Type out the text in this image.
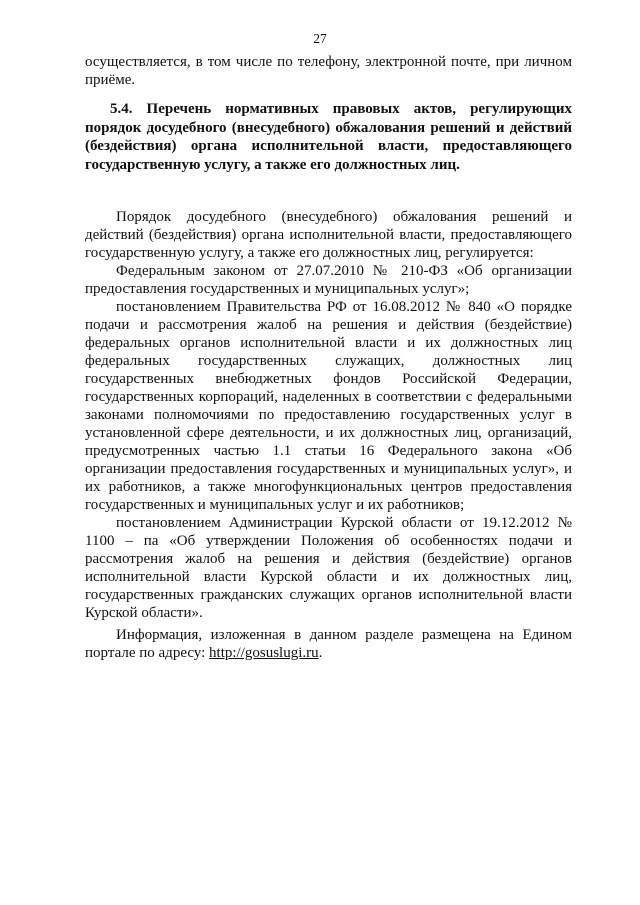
27
осуществляется, в том числе по телефону, электронной почте, при личном приёме.
5.4. Перечень нормативных правовых актов, регулирующих порядок досудебного (внесудебного) обжалования решений и действий (бездействия) органа исполнительной власти, предоставляющего государственную услугу, а также его должностных лиц.

Порядок досудебного (внесудебного) обжалования решений и действий (бездействия) органа исполнительной власти, предоставляющего государственную услугу, а также его должностных лиц, регулируется:

Федеральным законом от 27.07.2010 № 210-ФЗ «Об организации предоставления государственных и муниципальных услуг»;

постановлением Правительства РФ от 16.08.2012 № 840 «О порядке подачи и рассмотрения жалоб на решения и действия (бездействие) федеральных органов исполнительной власти и их должностных лиц федеральных государственных служащих, должностных лиц государственных внебюджетных фондов Российской Федерации, государственных корпораций, наделенных в соответствии с федеральными законами полномочиями по предоставлению государственных услуг в установленной сфере деятельности, и их должностных лиц, организаций, предусмотренных частью 1.1 статьи 16 Федерального закона «Об организации предоставления государственных и муниципальных услуг», и их работников, а также многофункциональных центров предоставления государственных и муниципальных услуг и их работников;

постановлением Администрации Курской области от 19.12.2012 № 1100 – па «Об утверждении Положения об особенностях подачи и рассмотрения жалоб на решения и действия (бездействие) органов исполнительной власти Курской области и их должностных лиц, государственных гражданских служащих органов исполнительной власти Курской области».

Информация, изложенная в данном разделе размещена на Едином портале по адресу: http://gosuslugi.ru.
